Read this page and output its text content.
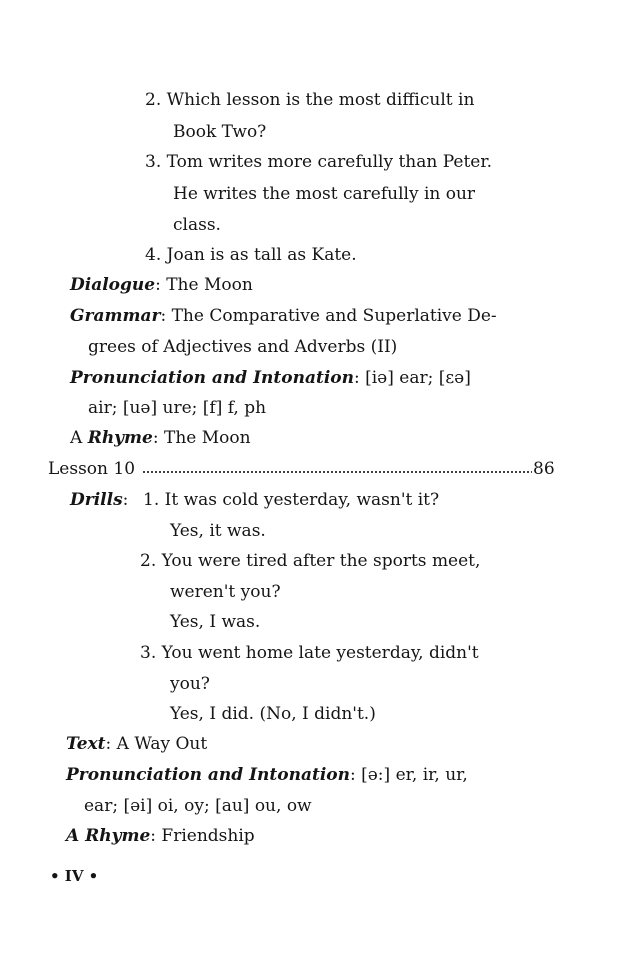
2. Which lesson is the most difficult in
Book Two?
3. Tom writes more carefully than Peter.
He writes the most carefully in our
class.
4. Joan is as tall as Kate.
Dialogue: The Moon
Grammar: The Comparative and Superlative De-
grees of Adjectives and Adverbs (II)
Pronunciation and Intonation: [iə] ear; [εə]
air; [uə] ure; [f] f, ph
A Rhyme: The Moon
Lesson 10	86
Drills: 1. It was cold yesterday, wasn't it?
Yes, it was.
2. You were tired after the sports meet,
weren't you?
Yes, I was.
3. You went home late yesterday, didn't
you?
Yes, I did. (No, I didn't.)
Text: A Way Out
Pronunciation and Intonation: [ə:] er, ir, ur,
ear; [əi] oi, oy; [au] ou, ow
A Rhyme: Friendship
• IV •
